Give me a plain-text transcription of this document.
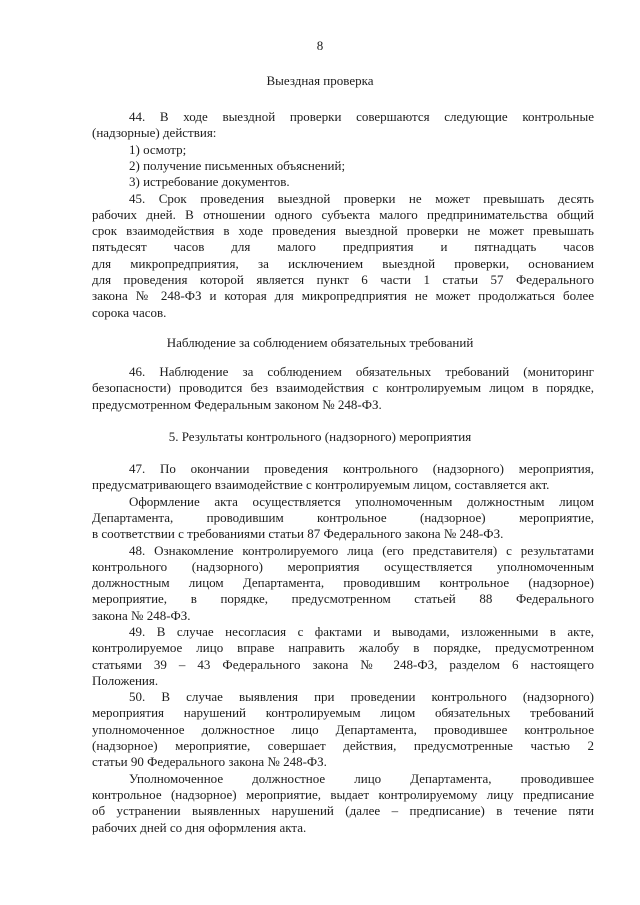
8
Выездная проверка
44. В ходе выездной проверки совершаются следующие контрольные
(надзорные) действия:
1) осмотр;
2) получение письменных объяснений;
3) истребование документов.
45. Срок проведения выездной проверки не может превышать десять
рабочих дней. В отношении одного субъекта малого предпринимательства общий
срок взаимодействия в ходе проведения выездной проверки не может превышать
пятьдесят часов для малого предприятия и пятнадцать часов
для микропредприятия, за исключением выездной проверки, основанием
для проведения которой является пункт 6 части 1 статьи 57 Федерального
закона № 248-ФЗ и которая для микропредприятия не может продолжаться более
сорока часов.
Наблюдение за соблюдением обязательных требований
46. Наблюдение за соблюдением обязательных требований (мониторинг
безопасности) проводится без взаимодействия с контролируемым лицом в порядке,
предусмотренном Федеральным законом № 248-ФЗ.
5. Результаты контрольного (надзорного) мероприятия
47. По окончании проведения контрольного (надзорного) мероприятия,
предусматривающего взаимодействие с контролируемым лицом, составляется акт.
Оформление акта осуществляется уполномоченным должностным лицом
Департамента, проводившим контрольное (надзорное) мероприятие,
в соответствии с требованиями статьи 87 Федерального закона № 248-ФЗ.
48. Ознакомление контролируемого лица (его представителя) с результатами
контрольного (надзорного) мероприятия осуществляется уполномоченным
должностным лицом Департамента, проводившим контрольное (надзорное)
мероприятие, в порядке, предусмотренном статьей 88 Федерального
закона № 248-ФЗ.
49. В случае несогласия с фактами и выводами, изложенными в акте,
контролируемое лицо вправе направить жалобу в порядке, предусмотренном
статьями 39 – 43 Федерального закона № 248-ФЗ, разделом 6 настоящего
Положения.
50. В случае выявления при проведении контрольного (надзорного)
мероприятия нарушений контролируемым лицом обязательных требований
уполномоченное должностное лицо Департамента, проводившее контрольное
(надзорное) мероприятие, совершает действия, предусмотренные частью 2
статьи 90 Федерального закона № 248-ФЗ.
Уполномоченное должностное лицо Департамента, проводившее
контрольное (надзорное) мероприятие, выдает контролируемому лицу предписание
об устранении выявленных нарушений (далее – предписание) в течение пяти
рабочих дней со дня оформления акта.
